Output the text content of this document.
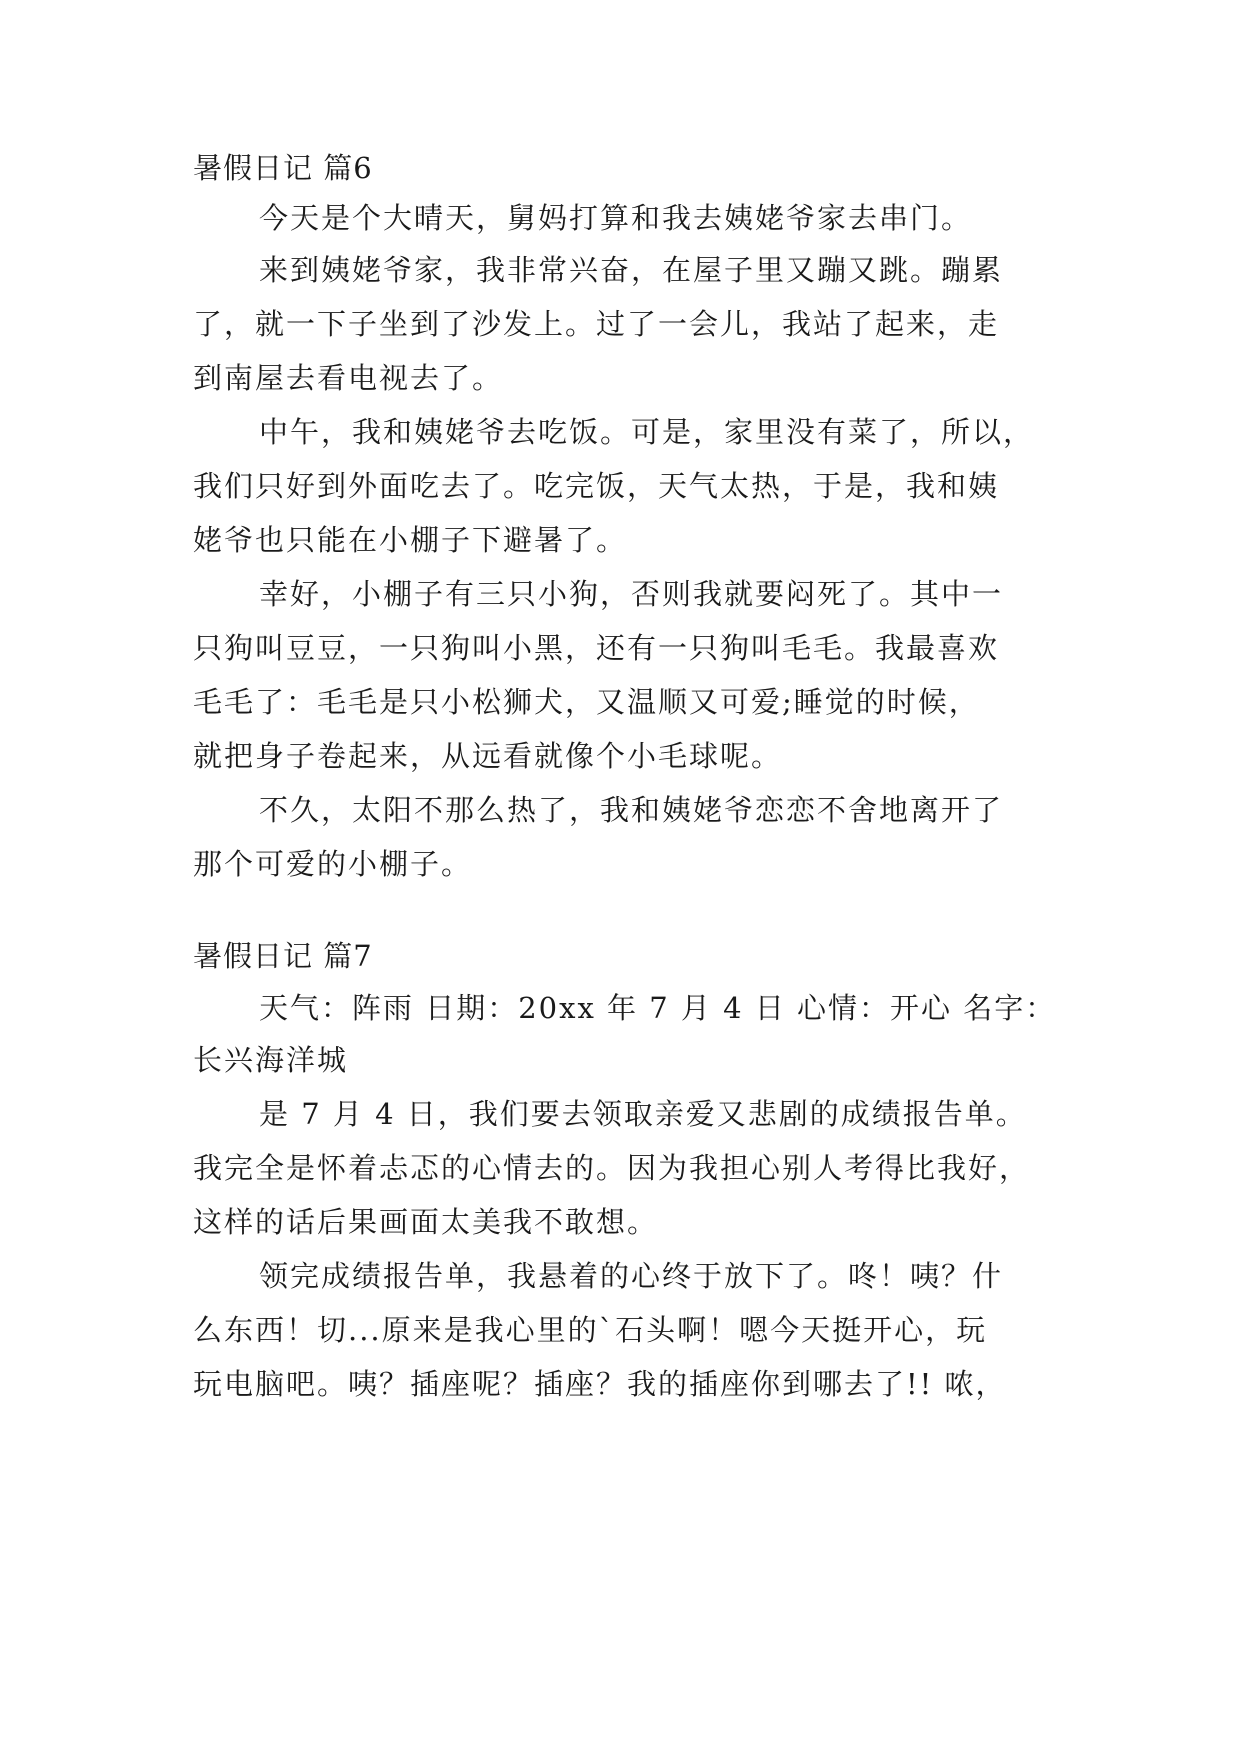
暑假日记 篇6
今天是个大晴天，舅妈打算和我去姨姥爷家去串门。
来到姨姥爷家，我非常兴奋，在屋子里又蹦又跳。蹦累
了，就一下子坐到了沙发上。过了一会儿，我站了起来，走
到南屋去看电视去了。
中午，我和姨姥爷去吃饭。可是，家里没有菜了，所以，
我们只好到外面吃去了。吃完饭，天气太热，于是，我和姨
姥爷也只能在小棚子下避暑了。
幸好，小棚子有三只小狗，否则我就要闷死了。其中一
只狗叫豆豆，一只狗叫小黑，还有一只狗叫毛毛。我最喜欢
毛毛了：毛毛是只小松狮犬，又温顺又可爱;睡觉的时候，
就把身子卷起来，从远看就像个小毛球呢。
不久，太阳不那么热了，我和姨姥爷恋恋不舍地离开了
那个可爱的小棚子。
暑假日记 篇7
天气：阵雨 日期：20xx 年 7 月 4 日 心情：开心 名字：
长兴海洋城
是 7 月 4 日，我们要去领取亲爱又悲剧的成绩报告单。
我完全是怀着忐忑的心情去的。因为我担心别人考得比我好，
这样的话后果画面太美我不敢想。
领完成绩报告单，我悬着的心终于放下了。咚！咦？什
么东西！切...原来是我心里的`石头啊！嗯今天挺开心，玩
玩电脑吧。咦？插座呢？插座？我的插座你到哪去了!! 哝，
